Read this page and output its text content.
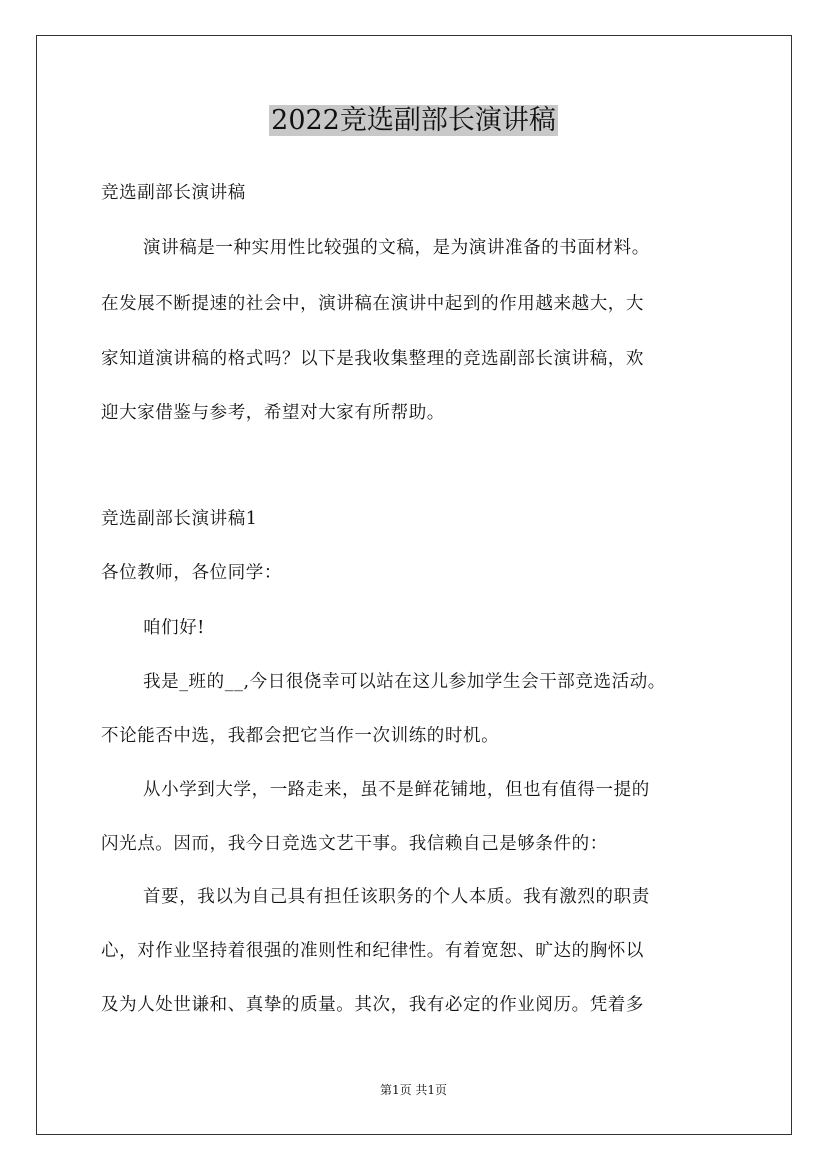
2022竞选副部长演讲稿

竞选副部长演讲稿

演讲稿是一种实用性比较强的文稿，是为演讲准备的书面材料。

在发展不断提速的社会中，演讲稿在演讲中起到的作用越来越大，大

家知道演讲稿的格式吗？以下是我收集整理的竞选副部长演讲稿，欢

迎大家借鉴与参考，希望对大家有所帮助。

竞选副部长演讲稿1

各位教师，各位同学：

咱们好!

我是_班的__,今日很侥幸可以站在这儿参加学生会干部竞选活动。

不论能否中选，我都会把它当作一次训练的时机。

从小学到大学，一路走来，虽不是鲜花铺地，但也有值得一提的

闪光点。因而，我今日竞选文艺干事。我信赖自己是够条件的：

首要，我以为自己具有担任该职务的个人本质。我有激烈的职责

心，对作业坚持着很强的准则性和纪律性。有着宽恕、旷达的胸怀以

及为人处世谦和、真挚的质量。其次，我有必定的作业阅历。凭着多

第1页 共1页
